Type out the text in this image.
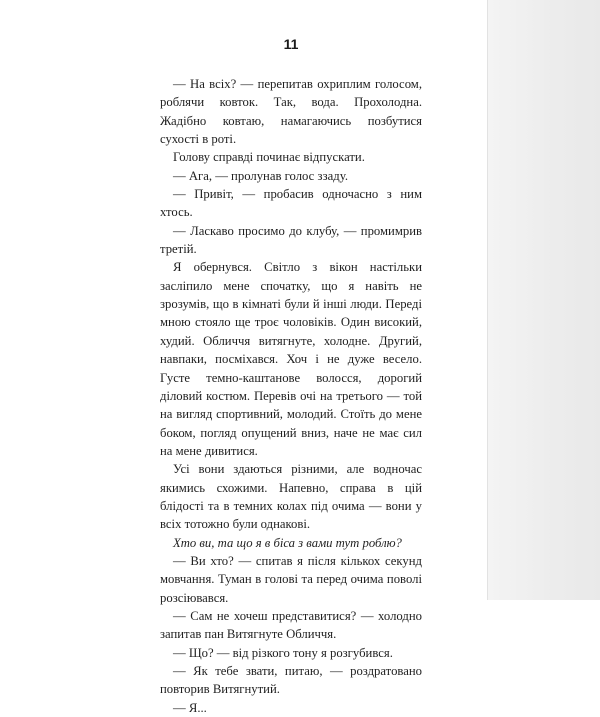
11

— На всіх? — перепитав охриплим голосом, роблячи ковток. Так, вода. Прохолодна. Жадібно ковтаю, намагаючись позбутися сухості в роті.

Голову справді починає відпускати.

— Ага, — пролунав голос ззаду.

— Привіт, — пробасив одночасно з ним хтось.

— Ласкаво просимо до клубу, — промимрив третій.

Я обернувся. Світло з вікон настільки засліпило мене спочатку, що я навіть не зрозумів, що в кімнаті були й інші люди. Переді мною стояло ще троє чоловіків. Один високий, худий. Обличчя витягнуте, холодне. Другий, навпаки, посміхався. Хоч і не дуже весело. Густе темно-каштанове волосся, дорогий діловий костюм. Перевів очі на третього — той на вигляд спортивний, молодий. Стоїть до мене боком, погляд опущений вниз, наче не має сил на мене дивитися.

Усі вони здаються різними, але водночас якимись схожими. Напевно, справа в цій блідості та в темних колах під очима — вони у всіх тотожно були однакові.

Хто ви, та що я в біса з вами тут роблю?

— Ви хто? — спитав я після кількох секунд мовчання. Туман в голові та перед очима поволі розсіювався.

— Сам не хочеш представитися? — холодно запитав пан Витягнуте Обличчя.

— Що? — від різкого тону я розгубився.

— Як тебе звати, питаю, — роздратовано повторив Витягнутий.

— Я...
